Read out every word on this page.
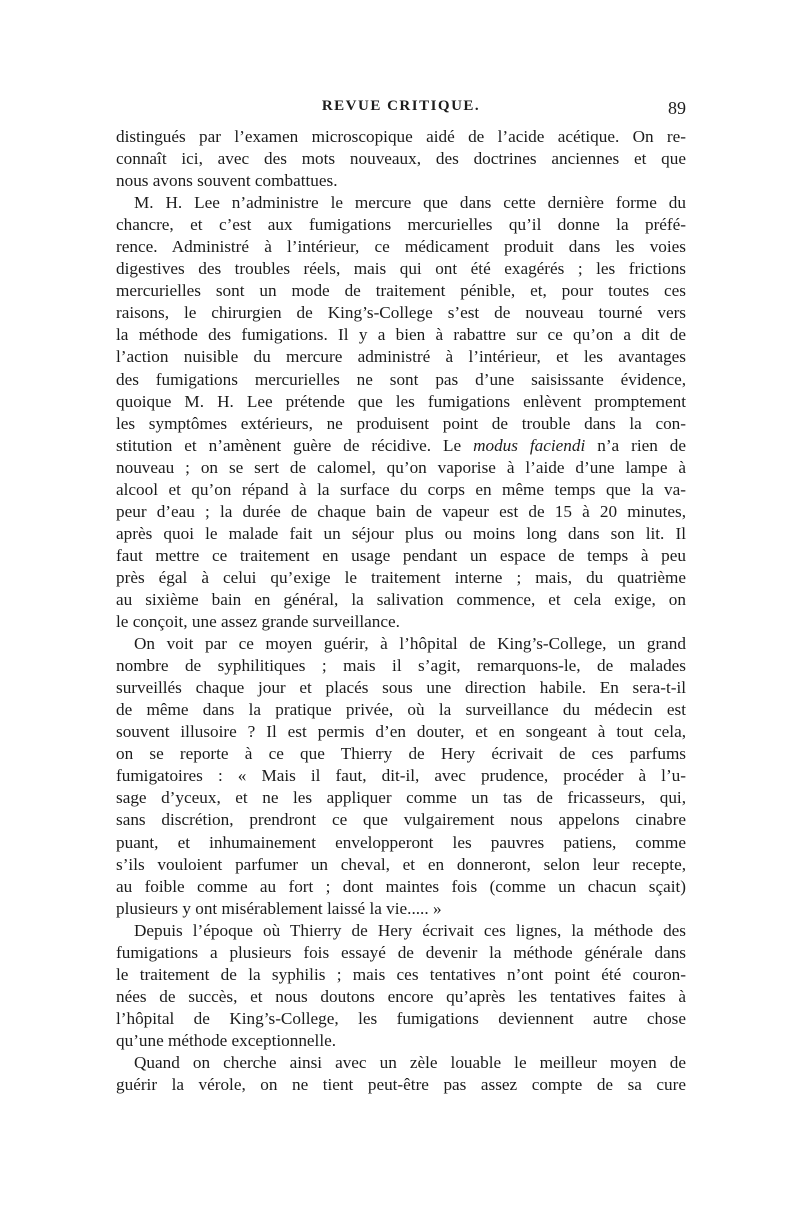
REVUE CRITIQUE.	89
distingués par l’examen microscopique aidé de l’acide acétique. On re-
connaît ici, avec des mots nouveaux, des doctrines anciennes et que
nous avons souvent combattues.
M. H. Lee n’administre le mercure que dans cette dernière forme du
chancre, et c’est aux fumigations mercurielles qu’il donne la préfé-
rence. Administré à l’intérieur, ce médicament produit dans les voies
digestives des troubles réels, mais qui ont été exagérés ; les frictions
mercurielles sont un mode de traitement pénible, et, pour toutes ces
raisons, le chirurgien de King’s-College s’est de nouveau tourné vers
la méthode des fumigations. Il y a bien à rabattre sur ce qu’on a dit de
l’action nuisible du mercure administré à l’intérieur, et les avantages
des fumigations mercurielles ne sont pas d’une saisissante évidence,
quoique M. H. Lee prétende que les fumigations enlèvent promptement
les symptômes extérieurs, ne produisent point de trouble dans la con-
stitution et n’amènent guère de récidive. Le modus faciendi n’a rien de
nouveau ; on se sert de calomel, qu’on vaporise à l’aide d’une lampe à
alcool et qu’on répand à la surface du corps en même temps que la va-
peur d’eau ; la durée de chaque bain de vapeur est de 15 à 20 minutes,
après quoi le malade fait un séjour plus ou moins long dans son lit. Il
faut mettre ce traitement en usage pendant un espace de temps à peu
près égal à celui qu’exige le traitement interne ; mais, du quatrième
au sixième bain en général, la salivation commence, et cela exige, on
le conçoit, une assez grande surveillance.
On voit par ce moyen guérir, à l’hôpital de King’s-College, un grand
nombre de syphilitiques ; mais il s’agit, remarquons-le, de malades
surveillés chaque jour et placés sous une direction habile. En sera-t-il
de même dans la pratique privée, où la surveillance du médecin est
souvent illusoire ? Il est permis d’en douter, et en songeant à tout cela,
on se reporte à ce que Thierry de Hery écrivait de ces parfums
fumigatoires : « Mais il faut, dit-il, avec prudence, procéder à l’u-
sage d’yceux, et ne les appliquer comme un tas de fricasseurs, qui,
sans discrétion, prendront ce que vulgairement nous appelons cinabre
puant, et inhumainement envelopperont les pauvres patiens, comme
s’ils vouloient parfumer un cheval, et en donneront, selon leur recepte,
au foible comme au fort ; dont maintes fois (comme un chacun sçait)
plusieurs y ont misérablement laissé la vie..... »
Depuis l’époque où Thierry de Hery écrivait ces lignes, la méthode des
fumigations a plusieurs fois essayé de devenir la méthode générale dans
le traitement de la syphilis ; mais ces tentatives n’ont point été couron-
nées de succès, et nous doutons encore qu’après les tentatives faites à
l’hôpital de King’s-College, les fumigations deviennent autre chose
qu’une méthode exceptionnelle.
Quand on cherche ainsi avec un zèle louable le meilleur moyen de
guérir la vérole, on ne tient peut-être pas assez compte de sa cure
